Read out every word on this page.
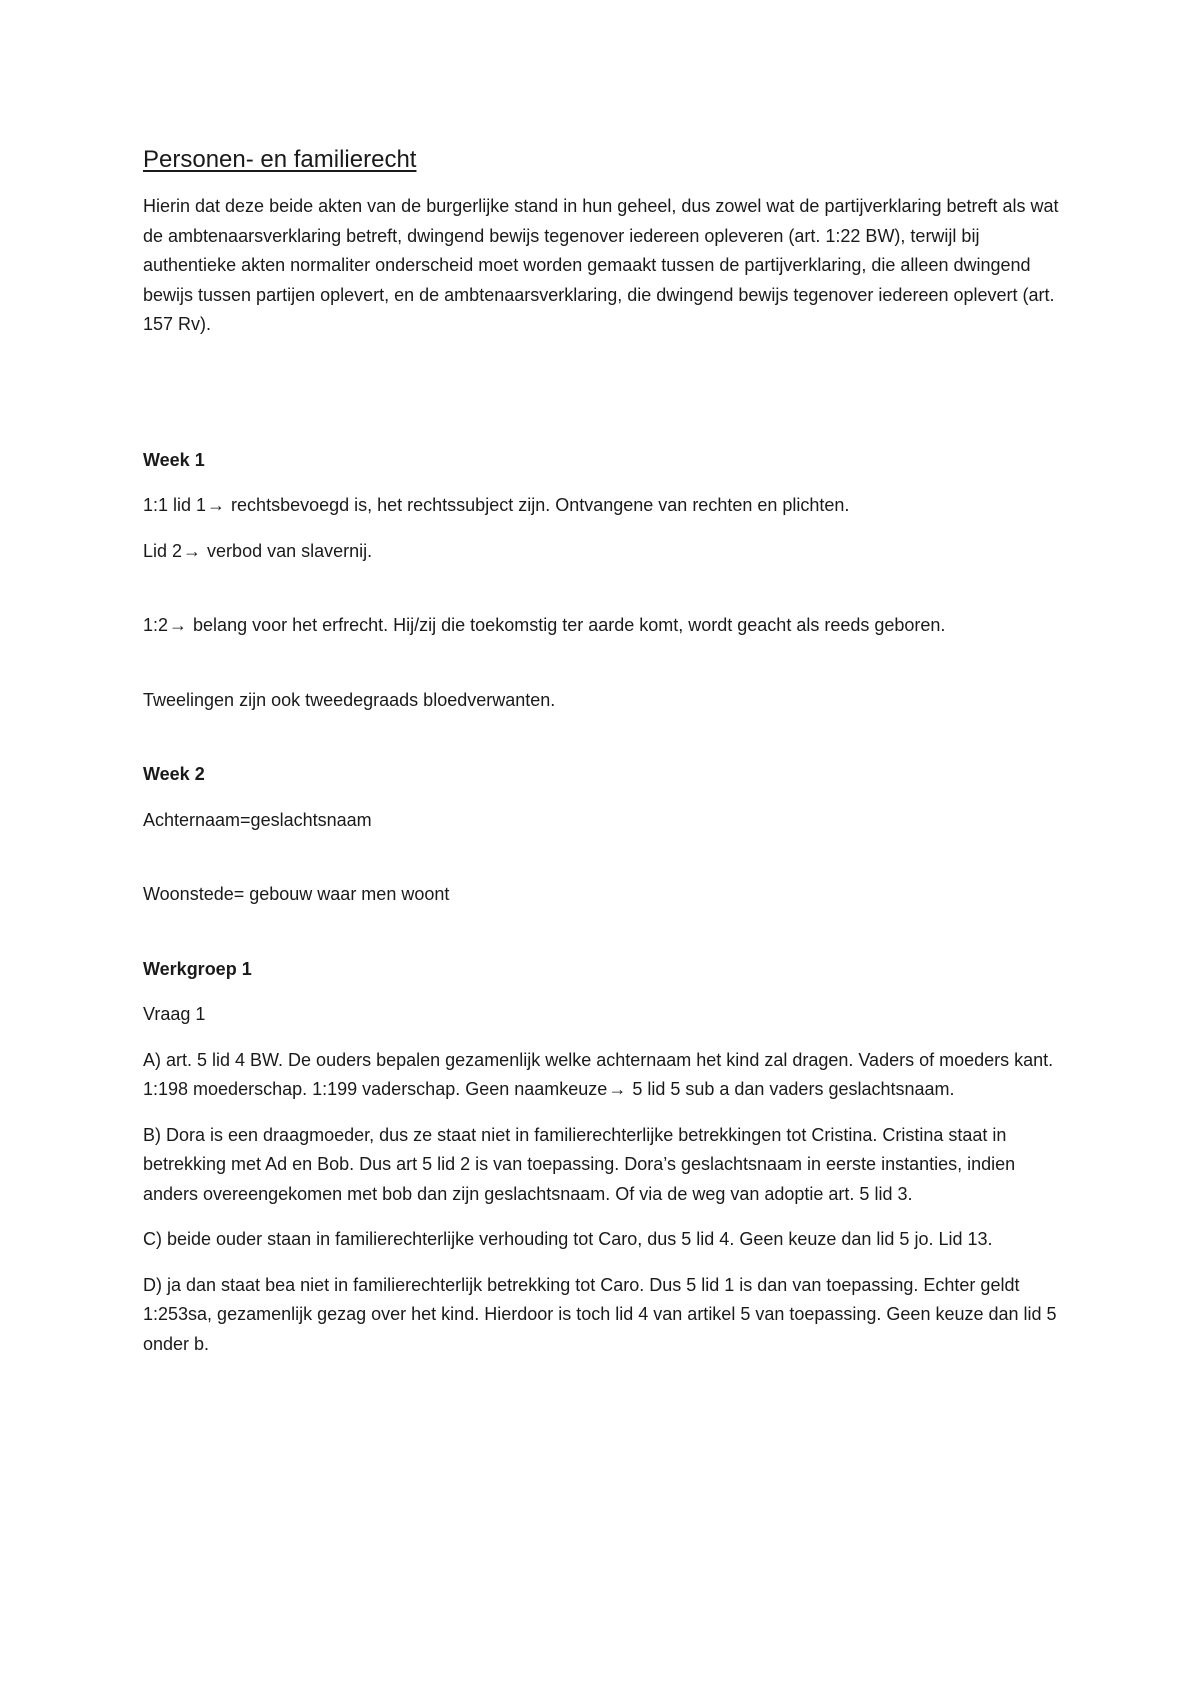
Personen- en familierecht

Hierin dat deze beide akten van de burgerlijke stand in hun geheel, dus zowel wat de partijverklaring betreft als wat de ambtenaarsverklaring betreft, dwingend bewijs tegenover iedereen opleveren (art. 1:22 BW), terwijl bij authentieke akten normaliter onderscheid moet worden gemaakt tussen de partijverklaring, die alleen dwingend bewijs tussen partijen oplevert, en de ambtenaarsverklaring, die dwingend bewijs tegenover iedereen oplevert (art. 157 Rv).

Week 1

1:1 lid 1→ rechtsbevoegd is, het rechtssubject zijn. Ontvangene van rechten en plichten.

Lid 2→ verbod van slavernij.

1:2→ belang voor het erfrecht. Hij/zij die toekomstig ter aarde komt, wordt geacht als reeds geboren.

Tweelingen zijn ook tweedegraads bloedverwanten.

Week 2

Achternaam=geslachtsnaam

Woonstede= gebouw waar men woont

Werkgroep 1

Vraag 1

A) art. 5 lid 4 BW. De ouders bepalen gezamenlijk welke achternaam het kind zal dragen. Vaders of moeders kant. 1:198 moederschap. 1:199 vaderschap. Geen naamkeuze→ 5 lid 5 sub a dan vaders geslachtsnaam.

B) Dora is een draagmoeder, dus ze staat niet in familierechterlijke betrekkingen tot Cristina. Cristina staat in betrekking met Ad en Bob. Dus art 5 lid 2 is van toepassing. Dora’s geslachtsnaam in eerste instanties, indien anders overeengekomen met bob dan zijn geslachtsnaam. Of via de weg van adoptie art. 5 lid 3.

C) beide ouder staan in familierechterlijke verhouding tot Caro, dus 5 lid 4. Geen keuze dan lid 5 jo. Lid 13.

D) ja dan staat bea niet in familierechterlijk betrekking tot Caro. Dus 5 lid 1 is dan van toepassing. Echter geldt 1:253sa, gezamenlijk gezag over het kind. Hierdoor is toch lid 4 van artikel 5 van toepassing. Geen keuze dan lid 5 onder b.
